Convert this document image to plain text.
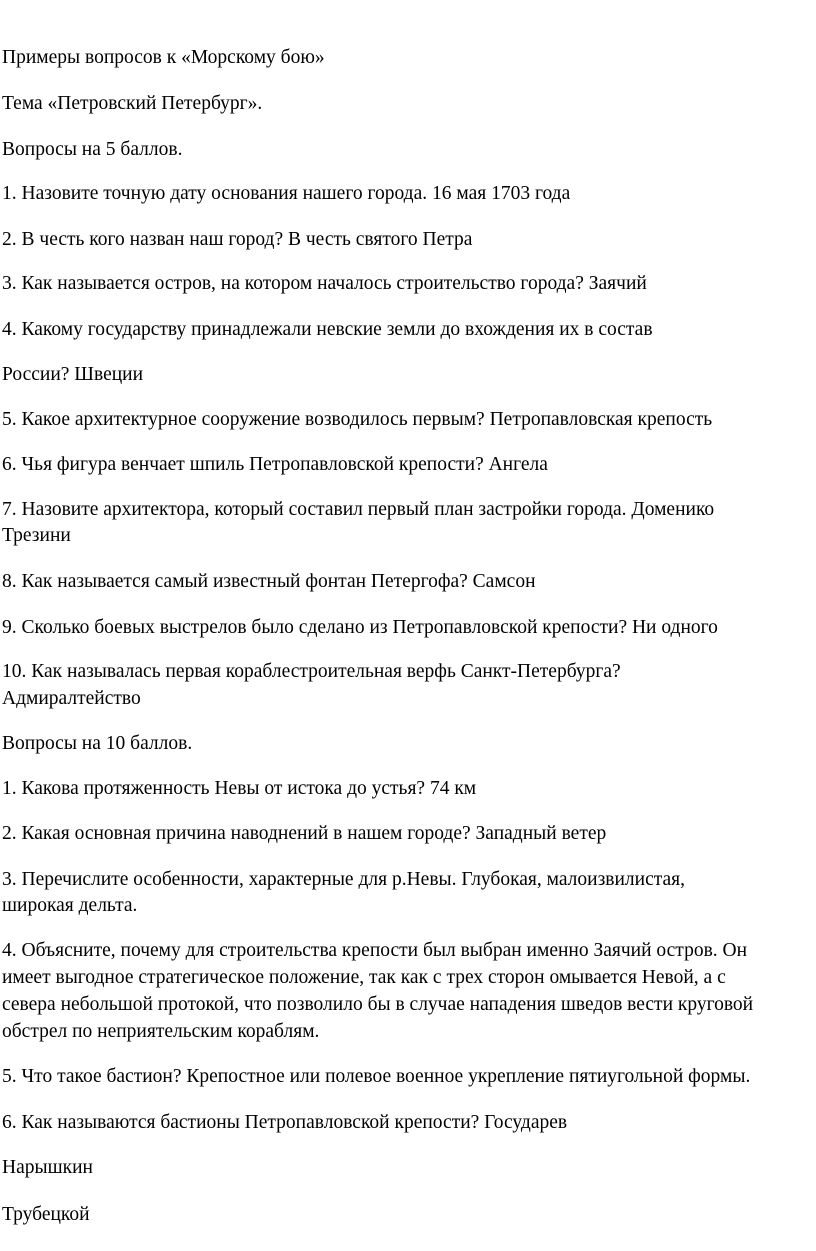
Примеры вопросов к «Морскому бою»
Тема «Петровский Петербург».
Вопросы на 5 баллов.
1. Назовите точную дату основания нашего города. 16 мая 1703 года
2. В честь кого назван наш город? В честь святого Петра
3. Как называется остров, на котором началось строительство города? Заячий
4. Какому государству принадлежали невские земли до вхождения их в состав
России? Швеции
5. Какое архитектурное сооружение возводилось первым? Петропавловская крепость
6. Чья фигура венчает шпиль Петропавловской крепости? Ангела
7. Назовите архитектора, который составил первый план застройки города. Доменико
Трезини
8. Как называется самый известный фонтан Петергофа? Самсон
9. Сколько боевых выстрелов было сделано из Петропавловской крепости? Ни одного
10. Как называлась первая кораблестроительная верфь Санкт-Петербурга?
Адмиралтейство
Вопросы на 10 баллов.
1. Какова протяженность Невы от истока до устья? 74 км
2. Какая основная причина наводнений в нашем городе? Западный ветер
3. Перечислите особенности, характерные для р.Невы. Глубокая, малоизвилистая,
широкая дельта.
4. Объясните, почему для строительства крепости был выбран именно Заячий остров. Он
имеет выгодное стратегическое положение, так как с трех сторон омывается Невой, а с
севера небольшой протокой, что позволило бы в случае нападения шведов вести круговой
обстрел по неприятельским кораблям.
5. Что такое бастион? Крепостное или полевое военное укрепление пятиугольной формы.
6. Как называются бастионы Петропавловской крепости? Государев
Нарышкин
Трубецкой
